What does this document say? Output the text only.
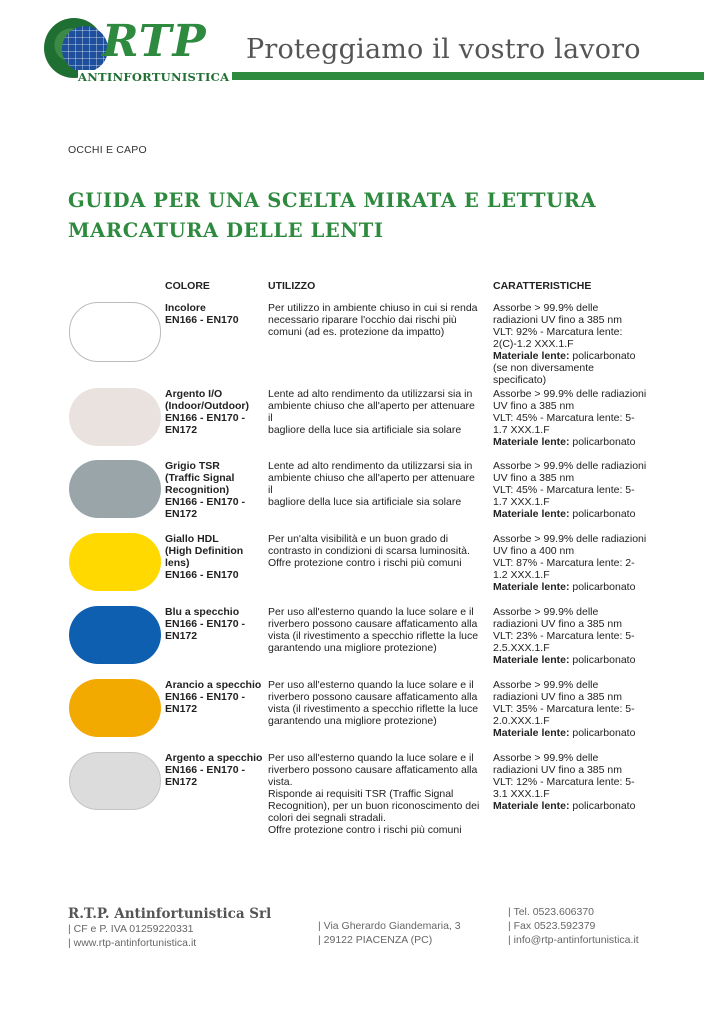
RTP
ANTINFORTUNISTICA
Proteggiamo il vostro lavoro
OCCHI E CAPO
GUIDA PER UNA SCELTA MIRATA E LETTURA
MARCATURA DELLE LENTI
COLORE	UTILIZZO	CARATTERISTICHE
Incolore
EN166 - EN170
Per utilizzo in ambiente chiuso in cui si renda
necessario riparare l'occhio dai rischi più
comuni (ad es. protezione da impatto)
Assorbe > 99.9% delle
radiazioni UV fino a 385 nm
VLT: 92% - Marcatura lente:
2(C)-1.2 XXX.1.F
Materiale lente: policarbonato
(se non diversamente
specificato)
Argento I/O
(Indoor/Outdoor)
EN166 - EN170 -
EN172
Lente ad alto rendimento da utilizzarsi sia in
ambiente chiuso che all'aperto per attenuare il
bagliore della luce sia artificiale sia solare
Assorbe > 99.9% delle radiazioni
UV fino a 385 nm
VLT: 45% - Marcatura lente: 5-
1.7 XXX.1.F
Materiale lente: policarbonato
Grigio TSR
(Traffic Signal
Recognition)
EN166 - EN170 -
EN172
Lente ad alto rendimento da utilizzarsi sia in
ambiente chiuso che all'aperto per attenuare il
bagliore della luce sia artificiale sia solare
Assorbe > 99.9% delle radiazioni
UV fino a 385 nm
VLT: 45% - Marcatura lente: 5-
1.7 XXX.1.F
Materiale lente: policarbonato
Giallo HDL
(High Definition
lens)
EN166 - EN170
Per un'alta visibilità e un buon grado di
contrasto in condizioni di scarsa luminosità.
Offre protezione contro i rischi più comuni
Assorbe > 99.9% delle radiazioni
UV fino a 400 nm
VLT: 87% - Marcatura lente: 2-
1.2 XXX.1.F
Materiale lente: policarbonato
Blu a specchio
EN166 - EN170 -
EN172
Per uso all'esterno quando la luce solare e il
riverbero possono causare affaticamento alla
vista (il rivestimento a specchio riflette la luce
garantendo una migliore protezione)
Assorbe > 99.9% delle
radiazioni UV fino a 385 nm
VLT: 23% - Marcatura lente: 5-
2.5.XXX.1.F
Materiale lente: policarbonato
Arancio a specchio
EN166 - EN170 -
EN172
Per uso all'esterno quando la luce solare e il
riverbero possono causare affaticamento alla
vista (il rivestimento a specchio riflette la luce
garantendo una migliore protezione)
Assorbe > 99.9% delle
radiazioni UV fino a 385 nm
VLT: 35% - Marcatura lente: 5-
2.0.XXX.1.F
Materiale lente: policarbonato
Argento a specchio
EN166 - EN170 -
EN172
Per uso all'esterno quando la luce solare e il
riverbero possono causare affaticamento alla
vista.
Risponde ai requisiti TSR (Traffic Signal
Recognition), per un buon riconoscimento dei
colori dei segnali stradali.
Offre protezione contro i rischi più comuni
Assorbe > 99.9% delle
radiazioni UV fino a 385 nm
VLT: 12% - Marcatura lente: 5-
3.1 XXX.1.F
Materiale lente: policarbonato
R.T.P. Antinfortunistica Srl
| CF e P. IVA 01259220331
| www.rtp-antinfortunistica.it
| Via Gherardo Giandemaria, 3
| 29122 PIACENZA (PC)
| Tel. 0523.606370
| Fax 0523.592379
| info@rtp-antinfortunistica.it
